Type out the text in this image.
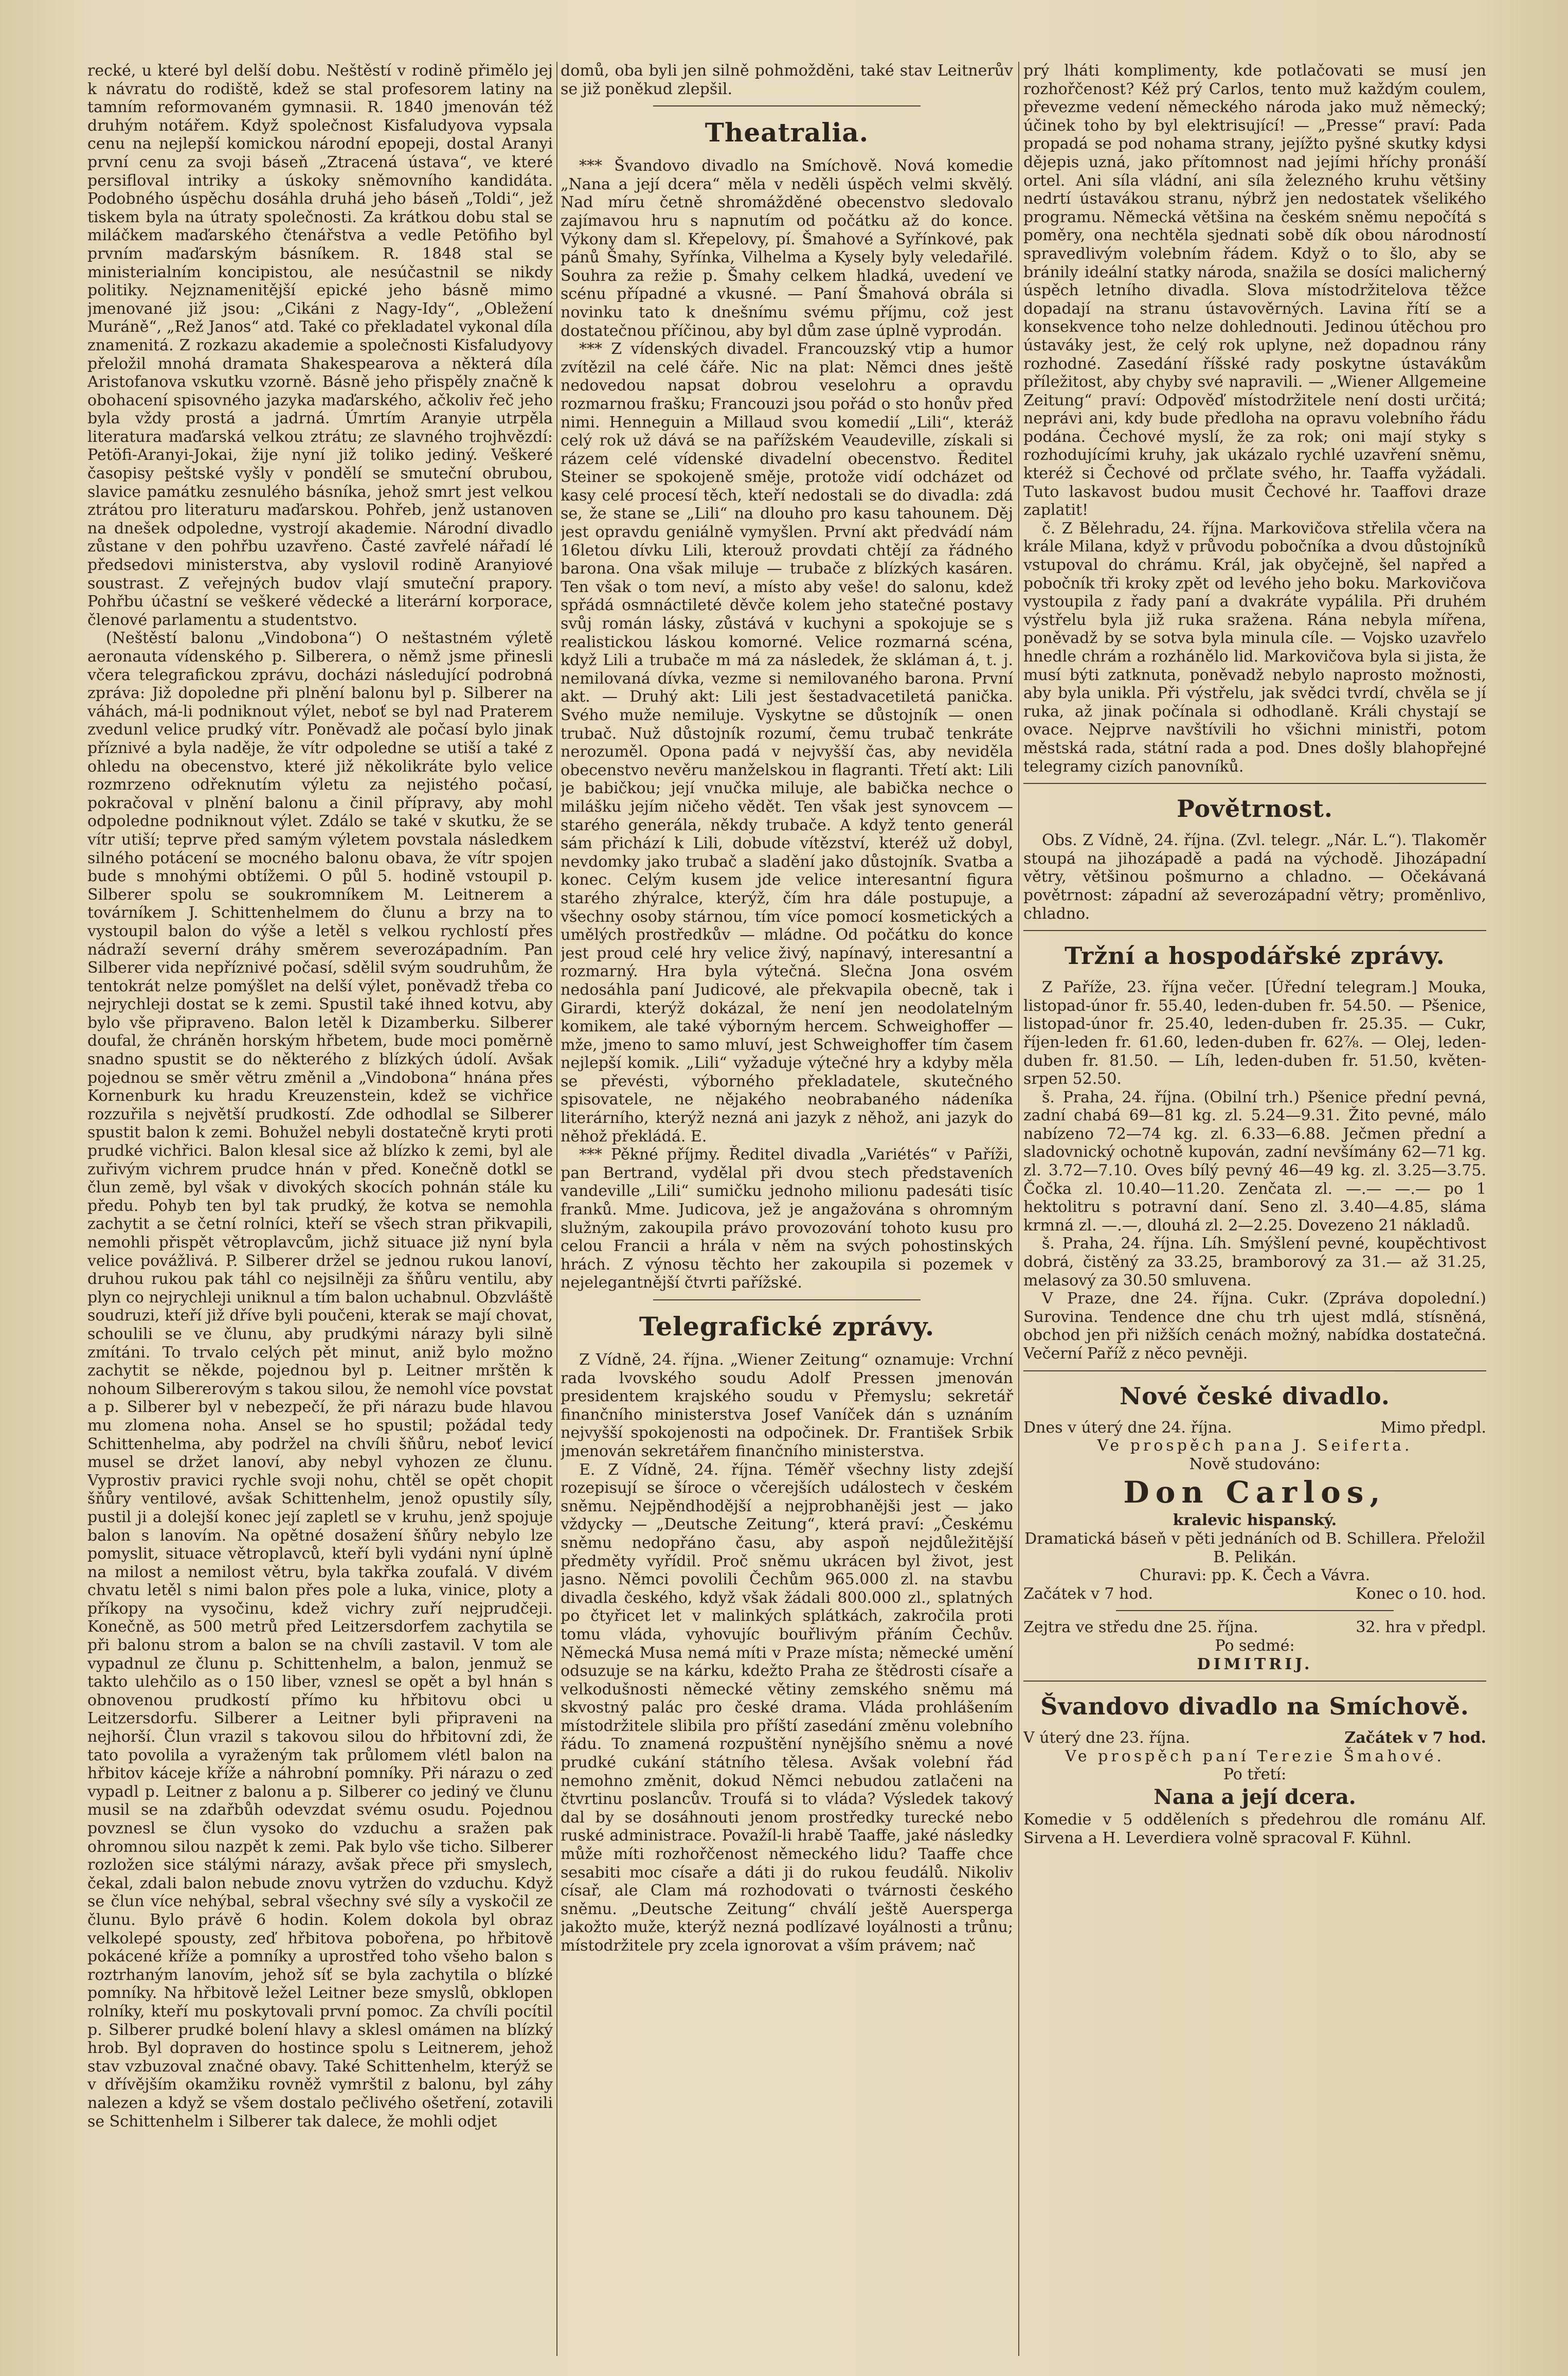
recké, u které byl delší dobu. Neštěstí v rodině přimělo jej k návratu do rodiště, kdež se stal profesorem latiny na tamním reformovaném gymnasii. R. 1840 jmenován též druhým notářem. Když společnost Kisfaludyova vypsala cenu na nejlepší komickou národní epopeji, dostal Aranyi první cenu za svoji báseň „Ztracená ústava“, ve které persifloval intriky a úskoky sněmovního kandidáta. Podobného úspěchu dosáhla druhá jeho báseň „Toldi“, jež tiskem byla na útraty společnosti. Za krátkou dobu stal se miláčkem maďarského čtenářstva a vedle Petöfiho byl prvním maďarským básníkem. R. 1848 stal se ministerialním koncipistou, ale nesúčastnil se nikdy politiky. Nejznamenitější epické jeho básně mimo jmenované již jsou: „Cikáni z Nagy-Idy“, „Obležení Muráně“, „Rež Janos“ atd. Také co překladatel vykonal díla znamenitá. Z rozkazu akademie a společnosti Kisfaludyovy přeložil mnohá dramata Shakespearova a některá díla Aristofanova vskutku vzorně. Básně jeho přispěly značně k obohacení spisovného jazyka maďarského, ačkoliv řeč jeho byla vždy prostá a jadrná. Úmrtím Aranyie utrpěla literatura maďarská velkou ztrátu; ze slavného trojhvězdí: Petöfi-Aranyi-Jokai, žije nyní již toliko jediný. Veškeré časopisy peštské vyšly v pondělí se smuteční obrubou, slavice památku zesnulého básníka, jehož smrt jest velkou ztrátou pro literaturu maďarskou. Pohřeb, jenž ustanoven na dnešek odpoledne, vystrojí akademie. Národní divadlo zůstane v den pohřbu uzavřeno. Časté zavřelé nářadí lé předsedovi ministerstva, aby vyslovil rodině Aranyiové soustrast. Z veřejných budov vlají smuteční prapory. Pohřbu účastní se veškeré vědecké a literární korporace, členové parlamentu a studentstvo.

(Neštěstí balonu „Vindobona“) O neštastném výletě aeronauta vídenského p. Silberera, o němž jsme přinesli včera telegrafickou zprávu, docházi následující podrobná zpráva: Již dopoledne při plnění balonu byl p. Silberer na váhách, má-li podniknout výlet, neboť se byl nad Praterem zvedunl velice prudký vítr. Poněvadž ale počasí bylo jinak příznivé a byla naděje, že vítr odpoledne se utiší a také z ohledu na obecenstvo, které již několikráte bylo velice rozmrzeno odřeknutím výletu za nejistého počasí, pokračoval v plnění balonu a činil přípravy, aby mohl odpoledne podniknout výlet. Zdálo se také v skutku, že se vítr utiší; teprve před samým výletem povstala následkem silného potácení se mocného balonu obava, že vítr spojen bude s mnohými obtížemi. O půl 5. hodině vstoupil p. Silberer spolu se soukromníkem M. Leitnerem a továrníkem J. Schittenhelmem do člunu a brzy na to vystoupil balon do výše a letěl s velkou rychlostí přes nádraží severní dráhy směrem severozápadním. Pan Silberer vida nepříznivé počasí, sdělil svým soudruhům, že tentokrát nelze pomýšlet na delší výlet, poněvadž třeba co nejrychleji dostat se k zemi. Spustil také ihned kotvu, aby bylo vše připraveno. Balon letěl k Dizamberku. Silberer doufal, že chráněn horským hřbetem, bude moci poměrně snadno spustit se do některého z blízkých údolí. Avšak pojednou se směr větru změnil a „Vindobona“ hnána přes Kornenburk ku hradu Kreuzenstein, kdež se vichřice rozzuřila s největší prudkostí. Zde odhodlal se Silberer spustit balon k zemi. Bohužel nebyli dostatečně kryti proti prudké vichřici. Balon klesal sice až blízko k zemi, byl ale zuřivým vichrem prudce hnán v před. Konečně dotkl se člun země, byl však v divokých skocích pohnán stále ku předu. Pohyb ten byl tak prudký, že kotva se nemohla zachytit a se četní rolníci, kteří se všech stran přikvapili, nemohli přispět větroplavcům, jichž situace již nyní byla velice povážlivá. P. Silberer držel se jednou rukou lanoví, druhou rukou pak táhl co nejsilněji za šňůru ventilu, aby plyn co nejrychleji uniknul a tím balon uchabnul. Obzvláště soudruzi, kteří již dříve byli poučeni, kterak se mají chovat, schoulili se ve člunu, aby prudkými nárazy byli silně zmítáni. To trvalo celých pět minut, aniž bylo možno zachytit se někde, pojednou byl p. Leitner mrštěn k nohoum Silbererovým s takou silou, že nemohl více povstat a p. Silberer byl v nebezpečí, že při nárazu bude hlavou mu zlomena noha. Ansel se ho spustil; požádal tedy Schittenhelma, aby podržel na chvíli šňůru, neboť levicí musel se držet lanoví, aby nebyl vyhozen ze člunu. Vyprostiv pravici rychle svoji nohu, chtěl se opět chopit šňůry ventilové, avšak Schittenhelm, jenož opustily síly, pustil ji a dolejší konec její zapletl se v kruhu, jenž spojuje balon s lanovím. Na opětné dosažení šňůry nebylo lze pomyslit, situace větroplavců, kteří byli vydáni nyní úplně na milost a nemilost větru, byla takřka zoufalá. V divém chvatu letěl s nimi balon přes pole a luka, vinice, ploty a příkopy na vysočinu, kdež vichry zuří nejprudčeji. Konečně, as 500 metrů před Leitzersdorfem zachytila se při balonu strom a balon se na chvíli zastavil. V tom ale vypadnul ze člunu p. Schittenhelm, a balon, jenmuž se takto ulehčilo as o 150 liber, vznesl se opět a byl hnán s obnovenou prudkostí přímo ku hřbitovu obci u Leitzersdorfu. Silberer a Leitner byli připraveni na nejhorší. Člun vrazil s takovou silou do hřbitovní zdi, že tato povolila a vyraženým tak průlomem vlétl balon na hřbitov káceje kříže a náhrobní pomníky. Při nárazu o zeď vypadl p. Leitner z balonu a p. Silberer co jediný ve člunu musil se na zdařbůh odevzdat svému osudu. Pojednou povznesl se člun vysoko do vzduchu a sražen pak ohromnou silou nazpět k zemi. Pak bylo vše ticho. Silberer rozložen sice stálými nárazy, avšak přece při smyslech, čekal, zdali balon nebude znovu vytržen do vzduchu. Když se člun více nehýbal, sebral všechny své síly a vyskočil ze člunu. Bylo právě 6 hodin. Kolem dokola byl obraz velkolepé spousty, zeď hřbitova pobořena, po hřbitově pokácené kříže a pomníky a uprostřed toho všeho balon s roztrhaným lanovím, jehož síť se byla zachytila o blízké pomníky. Na hřbitově ležel Leitner beze smyslů, obklopen rolníky, kteří mu poskytovali první pomoc. Za chvíli pocítil p. Silberer prudké bolení hlavy a sklesl omámen na blízký hrob. Byl dopraven do hostince spolu s Leitnerem, jehož stav vzbuzoval značné obavy. Také Schittenhelm, kterýž se v dřívějším okamžiku rovněž vymrštil z balonu, byl záhy nalezen a když se všem dostalo pečlivého ošetření, zotavili se Schittenhelm i Silberer tak dalece, že mohli odjet

domů, oba byli jen silně pohmožděni, také stav Leitnerův se již poněkud zlepšil.

Theatralia.

*** Švandovo divadlo na Smíchově. Nová komedie „Nana a její dcera“ měla v neděli úspěch velmi skvělý. Nad míru četně shromážděné obecenstvo sledovalo zajímavou hru s napnutím od počátku až do konce. Výkony dam sl. Křepelovy, pí. Šmahové a Syřínkové, pak pánů Šmahy, Syřínka, Vilhelma a Kysely byly veledařilé. Souhra za režie p. Šmahy celkem hladká, uvedení ve scénu případné a vkusné. — Paní Šmahová obrála si novinku tato k dnešnímu svému příjmu, což jest dostatečnou příčinou, aby byl dům zase úplně vyprodán.

*** Z vídenských divadel. Francouzský vtip a humor zvítězil na celé čáře. Nic na plat: Němci dnes ještě nedovedou napsat dobrou veselohru a opravdu rozmarnou frašku; Francouzi jsou pořád o sto honův před nimi. Henneguin a Millaud svou komedií „Lili“, kteráž celý rok už dává se na pařížském Veaudeville, získali si rázem celé vídenské divadelní obecenstvo. Ředitel Steiner se spokojeně směje, protože vidí odcházet od kasy celé procesí těch, kteří nedostali se do divadla: zdá se, že stane se „Lili“ na dlouho pro kasu tahounem. Děj jest opravdu geniálně vymyšlen. První akt předvádí nám 16letou dívku Lili, kterouž provdati chtějí za řádného barona. Ona však miluje — trubače z blízkých kasáren. Ten však o tom neví, a místo aby veše! do salonu, kdež spřádá osmnáctileté děvče kolem jeho statečné postavy svůj román lásky, zůstává v kuchyni a spokojuje se s realistickou láskou komorné. Velice rozmarná scéna, když Lili a trubače m má za následek, že skláman á, t. j. nemilovaná dívka, vezme si nemilovaného barona. První akt. — Druhý akt: Lili jest šestadvacetiletá panička. Svého muže nemiluje. Vyskytne se důstojník — onen trubač. Nuž důstojník rozumí, čemu trubač tenkráte nerozuměl. Opona padá v nejvyšší čas, aby neviděla obecenstvo nevěru manželskou in flagranti. Třetí akt: Lili je babičkou; její vnučka miluje, ale babička nechce o milášku jejím ničeho vědět. Ten však jest synovcem — starého generála, někdy trubače. A když tento generál sám přichází k Lili, dobude vítězství, kteréž už dobyl, nevdomky jako trubač a sladění jako důstojník. Svatba a konec. Celým kusem jde velice interesantní figura starého zhýralce, kterýž, čím hra dále postupuje, a všechny osoby stárnou, tím více pomocí kosmetických a umělých prostředkův — mládne. Od počátku do konce jest proud celé hry velice živý, napínavý, interesantní a rozmarný. Hra byla výtečná. Slečna Jona osvém nedosáhla paní Judicové, ale překvapila obecně, tak i Girardi, kterýž dokázal, že není jen neodolatelným komikem, ale také výborným hercem. Schweighoffer — mže, jmeno to samo mluví, jest Schweighoffer tím časem nejlepší komik. „Lili“ vyžaduje výtečné hry a kdyby měla se převésti, výborného překladatele, skutečného spisovatele, ne nějakého neobrabaného nádeníka literárního, kterýž nezná ani jazyk z něhož, ani jazyk do něhož překládá. E.

*** Pěkné příjmy. Ředitel divadla „Variétés“ v Paříži, pan Bertrand, vydělal při dvou stech představeních vandeville „Lili“ sumičku jednoho milionu padesáti tisíc franků. Mme. Judicova, jež je angažována s ohromným služným, zakoupila právo provozování tohoto kusu pro celou Francii a hrála v něm na svých pohostinských hrách. Z výnosu těchto her zakoupila si pozemek v nejelegantnější čtvrti pařížské.

Telegrafické zprávy.

Z Vídně, 24. října. „Wiener Zeitung“ oznamuje: Vrchní rada lvovského soudu Adolf Pressen jmenován presidentem krajského soudu v Přemyslu; sekretář finančního ministerstva Josef Vaníček dán s uznáním nejvyšší spokojenosti na odpočinek. Dr. František Srbik jmenován sekretářem finančního ministerstva.

E. Z Vídně, 24. října. Téměř všechny listy zdejší rozepisují se šíroce o včerejších událostech v českém sněmu. Nejpěndhodější a nejprobhanějši jest — jako vždycky — „Deutsche Zeitung“, která praví: „Českému sněmu nedopřáno času, aby aspoň nejdůležitější předměty vyřídil. Proč sněmu ukrácen byl život, jest jasno. Němci povolili Čechům 965.000 zl. na stavbu divadla českého, když však žádali 800.000 zl., splatných po čtyřicet let v malinkých splátkách, zakročila proti tomu vláda, vyhovujíc bouřlivým přáním Čechův. Německá Musa nemá míti v Praze místa; německé umění odsuzuje se na kárku, kdežto Praha ze štědrosti císaře a velkodušnosti německé větiny zemského sněmu má skvostný palác pro české drama. Vláda prohlášením místodržitele slibila pro příští zasedání změnu volebního řádu. To znamená rozpuštění nynějšího sněmu a nové prudké cukání státního tělesa. Avšak volební řád nemohno změnit, dokud Němci nebudou zatlačeni na čtvrtinu poslancův. Troufá si to vláda? Výsledek takový dal by se dosáhnouti jenom prostředky turecké nebo ruské administrace. Považíl-li hrabě Taaffe, jaké následky může míti rozhořčenost německého lidu? Taaffe chce sesabiti moc císaře a dáti ji do rukou feudálů. Nikoliv císař, ale Clam má rozhodovati o tvárnosti českého sněmu. „Deutsche Zeitung“ chválí ještě Auersperga jakožto muže, kterýž nezná podlízavé loyálnosti a trůnu; místodržitele pry zcela ignorovat a vším právem; nač

prý lháti komplimenty, kde potlačovati se musí jen rozhořčenost? Kéž prý Carlos, tento muž každým coulem, převezme vedení německého národa jako muž německý; účinek toho by byl elektrisující! — „Presse“ praví: Pada propadá se pod nohama strany, jejížto pyšné skutky kdysi dějepis uzná, jako přítomnost nad jejími hříchy pronáší ortel. Ani síla vládní, ani síla železného kruhu většiny nedrtí ústavákou stranu, nýbrž jen nedostatek všelikého programu. Německá většina na českém sněmu nepočítá s poměry, ona nechtěla sjednati sobě dík obou národností spravedlivým volebním řádem. Když o to šlo, aby se bránily ideální statky národa, snažila se dosíci malicherný úspěch letního divadla. Slova místodržitelova těžce dopadají na stranu ústavověrných. Lavina řítí se a konsekvence toho nelze dohlednouti. Jedinou útěchou pro ústaváky jest, že celý rok uplyne, než dopadnou rány rozhodné. Zasedání říšské rady poskytne ústavákům příležitost, aby chyby své napravili. — „Wiener Allgemeine Zeitung“ praví: Odpověď místodržitele není dosti určitá; neprávi ani, kdy bude předloha na opravu volebního řádu podána. Čechové myslí, že za rok; oni mají styky s rozhodujícími kruhy, jak ukázalo rychlé uzavření sněmu, kteréž si Čechové od prčlate svého, hr. Taaffa vyžádali. Tuto laskavost budou musit Čechové hr. Taaffovi draze zaplatit!

č. Z Bělehradu, 24. října. Markovičova střelila včera na krále Milana, když v průvodu pobočníka a dvou důstojníků vstupoval do chrámu. Král, jak obyčejně, šel napřed a pobočník tři kroky zpět od levého jeho boku. Markovičova vystoupila z řady paní a dvakráte vypálila. Při druhém výstřelu byla již ruka sražena. Rána nebyla mířena, poněvadž by se sotva byla minula cíle. — Vojsko uzavřelo hnedle chrám a rozhánělo lid. Markovičova byla si jista, že musí býti zatknuta, poněvadž nebylo naprosto možnosti, aby byla unikla. Při výstřelu, jak svědci tvrdí, chvěla se jí ruka, až jinak počínala si odhodlaně. Králi chystají se ovace. Nejprve navštívili ho všichni ministři, potom městská rada, státní rada a pod. Dnes došly blahopřejné telegramy cizích panovníků.

Povětrnost.

Obs. Z Vídně, 24. října. (Zvl. telegr. „Nár. L.“). Tlakoměr stoupá na jihozápadě a padá na východě. Jihozápadní větry, většinou pošmurno a chladno. — Očekávaná povětrnost: západní až severozápadní větry; proměnlivo, chladno.

Tržní a hospodářské zprávy.

Z Paříže, 23. října večer. [Úřední telegram.] Mouka, listopad-únor fr. 55.40, leden-duben fr. 54.50. — Pšenice, listopad-únor fr. 25.40, leden-duben fr. 25.35. — Cukr, říjen-leden fr. 61.60, leden-duben fr. 62⅞. — Olej, leden-duben fr. 81.50. — Líh, leden-duben fr. 51.50, květen-srpen 52.50.

š. Praha, 24. října. (Obilní trh.) Pšenice přední pevná, zadní chabá 69—81 kg. zl. 5.24—9.31. Žito pevné, málo nabízeno 72—74 kg. zl. 6.33—6.88. Ječmen přední a sladovnický ochotně kupován, zadní nevšímány 62—71 kg. zl. 3.72—7.10. Oves bílý pevný 46—49 kg. zl. 3.25—3.75. Čočka zl. 10.40—11.20. Zenčata zl. —.— —.— po 1 hektolitru s potravní daní. Seno zl. 3.40—4.85, sláma krmná zl. —.—, dlouhá zl. 2—2.25. Dovezeno 21 nákladů.

š. Praha, 24. října. Líh. Smýšlení pevné, koupěchtivost dobrá, čistěný za 33.25, bramborový za 31.— až 31.25, melasový za 30.50 smluvena.

V Praze, dne 24. října. Cukr. (Zpráva dopolední.) Surovina. Tendence dne chu trh ujest mdlá, stísněná, obchod jen při nižších cenách možný, nabídka dostatečná. Večerní Paříž z něco pevněji.

Nové české divadlo.

Dnes v úterý dne 24. října.	Mimo předpl.

Ve prospěch pana J. Seiferta.

Nově studováno:

Don Carlos,

kralevic hispanský.

Dramatická báseň v pěti jednáních od B. Schillera. Přeložil B. Pelikán.

Churavi: pp. K. Čech a Vávra.

Začátek v 7 hod.	Konec o 10. hod.

Zejtra ve středu dne 25. října.	32. hra v předpl.

Po sedmé:

DIMITRIJ.

Švandovo divadlo na Smíchově.

V úterý dne 23. října.	Začátek v 7 hod.

Ve prospěch paní Terezie Šmahové.

Po třetí:

Nana a její dcera.

Komedie v 5 odděleních s předehrou dle románu Alf. Sirvena a H. Leverdiera volně spracoval F. Kühnl.
